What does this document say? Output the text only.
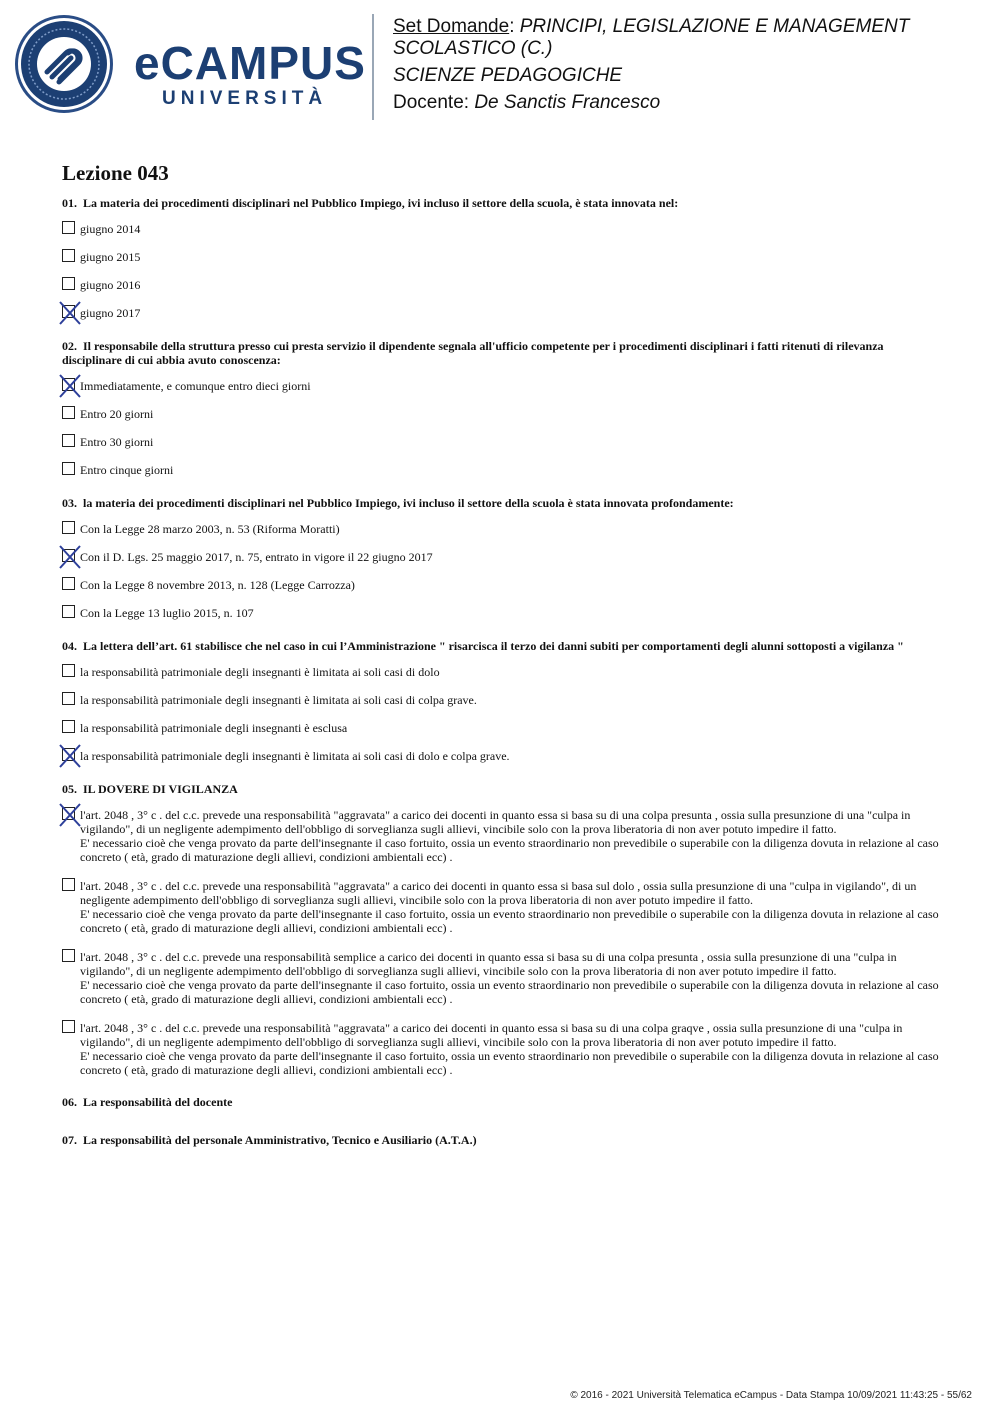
eCAMPUS
UNIVERSITÀ

Set Domande: PRINCIPI, LEGISLAZIONE E MANAGEMENT SCOLASTICO (C.)

SCIENZE PEDAGOGICHE

Docente: De Sanctis Francesco

Lezione 043

01. La materia dei procedimenti disciplinari nel Pubblico Impiego, ivi incluso il settore della scuola, è stata innovata nel:

giugno 2014
giugno 2015
giugno 2016
giugno 2017

02. Il responsabile della struttura presso cui presta servizio il dipendente segnala all'ufficio competente per i procedimenti disciplinari i fatti ritenuti di rilevanza disciplinare di cui abbia avuto conoscenza:

Immediatamente, e comunque entro dieci giorni
Entro 20 giorni
Entro 30 giorni
Entro cinque giorni

03. la materia dei procedimenti disciplinari nel Pubblico Impiego, ivi incluso il settore della scuola è stata innovata profondamente:

Con la Legge 28 marzo 2003, n. 53 (Riforma Moratti)
Con il D. Lgs. 25 maggio 2017, n. 75, entrato in vigore il 22 giugno 2017
Con la Legge 8 novembre 2013, n. 128 (Legge Carrozza)
Con la Legge 13 luglio 2015, n. 107

04. La lettera dell’art. 61 stabilisce che nel caso in cui l’Amministrazione " risarcisca il terzo dei danni subiti per comportamenti degli alunni sottoposti a vigilanza "

la responsabilità patrimoniale degli insegnanti è limitata ai soli casi di dolo
la responsabilità patrimoniale degli insegnanti è limitata ai soli casi di colpa grave.
la responsabilità patrimoniale degli insegnanti è esclusa
la responsabilità patrimoniale degli insegnanti è limitata ai soli casi di dolo e colpa grave.

05. IL DOVERE DI VIGILANZA

l'art. 2048 , 3° c . del c.c. prevede una responsabilità "aggravata" a carico dei docenti in quanto essa si basa su di una colpa presunta , ossia sulla presunzione di una "culpa in vigilando", di un negligente adempimento dell'obbligo di sorveglianza sugli allievi, vincibile solo con la prova liberatoria di non aver potuto impedire il fatto.
E' necessario cioè che venga provato da parte dell'insegnante il caso fortuito, ossia un evento straordinario non prevedibile o superabile con la diligenza dovuta in relazione al caso concreto ( età, grado di maturazione degli allievi, condizioni ambientali ecc) .
l'art. 2048 , 3° c . del c.c. prevede una responsabilità "aggravata" a carico dei docenti in quanto essa si basa sul dolo , ossia sulla presunzione di una "culpa in vigilando", di un negligente adempimento dell'obbligo di sorveglianza sugli allievi, vincibile solo con la prova liberatoria di non aver potuto impedire il fatto.
E' necessario cioè che venga provato da parte dell'insegnante il caso fortuito, ossia un evento straordinario non prevedibile o superabile con la diligenza dovuta in relazione al caso concreto ( età, grado di maturazione degli allievi, condizioni ambientali ecc) .
l'art. 2048 , 3° c . del c.c. prevede una responsabilità semplice a carico dei docenti in quanto essa si basa su di una colpa presunta , ossia sulla presunzione di una "culpa in vigilando", di un negligente adempimento dell'obbligo di sorveglianza sugli allievi, vincibile solo con la prova liberatoria di non aver potuto impedire il fatto.
E' necessario cioè che venga provato da parte dell'insegnante il caso fortuito, ossia un evento straordinario non prevedibile o superabile con la diligenza dovuta in relazione al caso concreto ( età, grado di maturazione degli allievi, condizioni ambientali ecc) .
l'art. 2048 , 3° c . del c.c. prevede una responsabilità "aggravata" a carico dei docenti in quanto essa si basa su di una colpa graqve , ossia sulla presunzione di una "culpa in vigilando", di un negligente adempimento dell'obbligo di sorveglianza sugli allievi, vincibile solo con la prova liberatoria di non aver potuto impedire il fatto.
E' necessario cioè che venga provato da parte dell'insegnante il caso fortuito, ossia un evento straordinario non prevedibile o superabile con la diligenza dovuta in relazione al caso concreto ( età, grado di maturazione degli allievi, condizioni ambientali ecc) .

06. La responsabilità del docente

07. La responsabilità del personale Amministrativo, Tecnico e Ausiliario (A.T.A.)

© 2016 - 2021 Università Telematica eCampus - Data Stampa 10/09/2021 11:43:25 - 55/62
